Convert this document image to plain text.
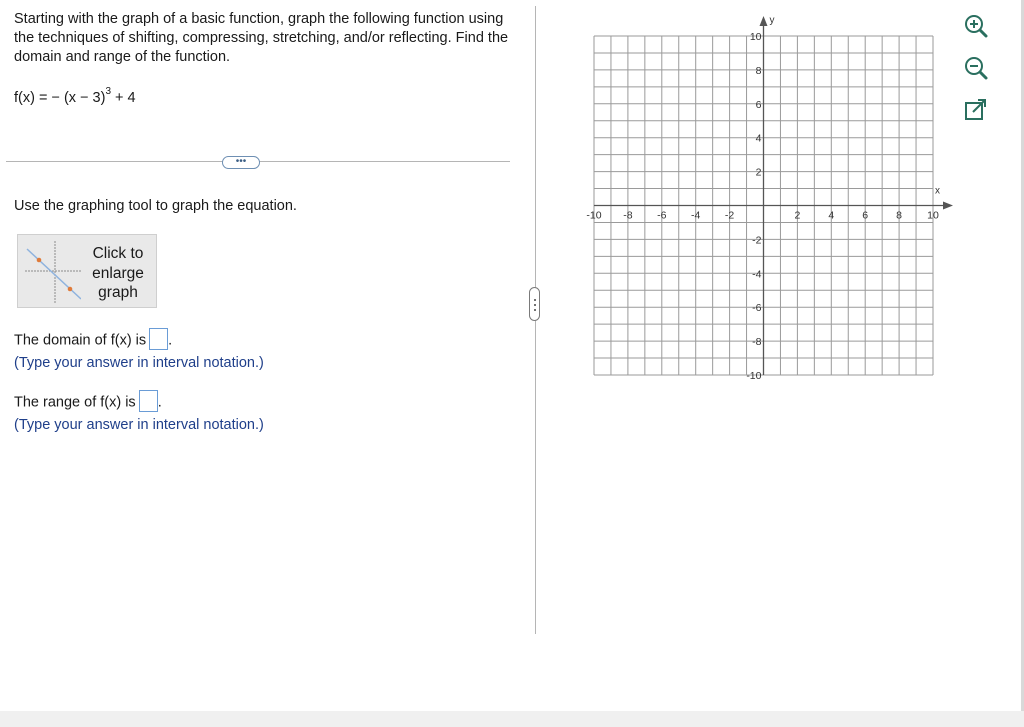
Starting with the graph of a basic function, graph the following function using the techniques of shifting, compressing, stretching, and/or reflecting. Find the domain and range of the function.
f(x) = − $(x - 3)^3 + 4$
•••
Use the graphing tool to graph the equation.
Click to enlarge graph
The domain of f(x) is .
(Type your answer in interval notation.)
The range of f(x) is .
(Type your answer in interval notation.)
x
y
-10 -8 -6 -4 -2	2	4	6	8 10
10
8
6
4
2
-2
-4
-6
-8
-10
